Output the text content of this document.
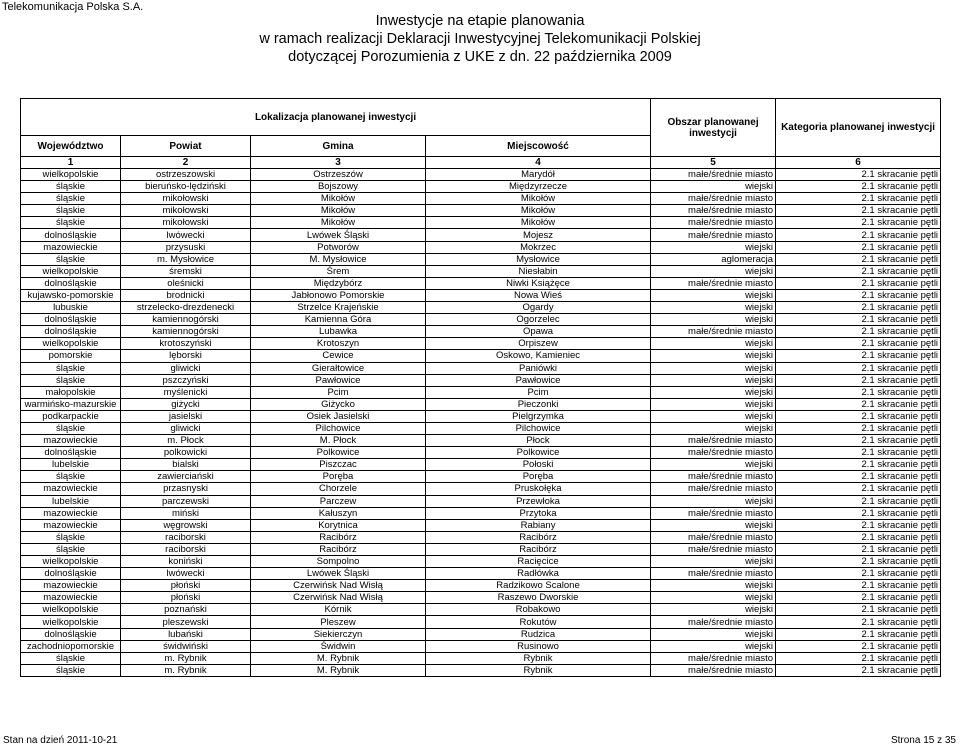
Telekomunikacja Polska S.A.
Inwestycje na etapie planowania
w ramach realizacji Deklaracji Inwestycyjnej Telekomunikacji Polskiej
dotyczącej Porozumienia z UKE z dn. 22 października 2009
Lokalizacja planowanej inwestycji				Obszar planowanej inwestycji	Kategoria planowanej inwestycji
Województwo	Powiat	Gmina	Miejscowość		
1	2	3	4	5	6
wielkopolskie	ostrzeszowski	Ostrzeszów	Marydół	małe/średnie miasto	2.1 skracanie pętli
śląskie	bieruńsko-lędziński	Bojszowy	Międzyrzecze	wiejski	2.1 skracanie pętli
śląskie	mikołowski	Mikołów	Mikołów	małe/średnie miasto	2.1 skracanie pętli
śląskie	mikołowski	Mikołów	Mikołów	małe/średnie miasto	2.1 skracanie pętli
śląskie	mikołowski	Mikołów	Mikołów	małe/średnie miasto	2.1 skracanie pętli
dolnośląskie	lwówecki	Lwówek Śląski	Mojesz	małe/średnie miasto	2.1 skracanie pętli
mazowieckie	przysuski	Potworów	Mokrzec	wiejski	2.1 skracanie pętli
śląskie	m. Mysłowice	M. Mysłowice	Mysłowice	aglomeracja	2.1 skracanie pętli
wielkopolskie	śremski	Śrem	Niesłabin	wiejski	2.1 skracanie pętli
dolnośląskie	oleśnicki	Międzybórz	Niwki Książęce	małe/średnie miasto	2.1 skracanie pętli
kujawsko-pomorskie	brodnicki	Jabłonowo Pomorskie	Nowa Wieś	wiejski	2.1 skracanie pętli
lubuskie	strzelecko-drezdenecki	Strzelce Krajeńskie	Ogardy	wiejski	2.1 skracanie pętli
dolnośląskie	kamiennogórski	Kamienna Góra	Ogorzelec	wiejski	2.1 skracanie pętli
dolnośląskie	kamiennogórski	Lubawka	Opawa	małe/średnie miasto	2.1 skracanie pętli
wielkopolskie	krotoszyński	Krotoszyn	Orpiszew	wiejski	2.1 skracanie pętli
pomorskie	lęborski	Cewice	Oskowo, Kamieniec	wiejski	2.1 skracanie pętli
śląskie	gliwicki	Gierałtowice	Paniówki	wiejski	2.1 skracanie pętli
śląskie	pszczyński	Pawłowice	Pawłowice	wiejski	2.1 skracanie pętli
małopolskie	myślenicki	Pcim	Pcim	wiejski	2.1 skracanie pętli
warmińsko-mazurskie	giżycki	Giżycko	Pieczonki	wiejski	2.1 skracanie pętli
podkarpackie	jasielski	Osiek Jasielski	Pielgrzymka	wiejski	2.1 skracanie pętli
śląskie	gliwicki	Pilchowice	Pilchowice	wiejski	2.1 skracanie pętli
mazowieckie	m. Płock	M. Płock	Płock	małe/średnie miasto	2.1 skracanie pętli
dolnośląskie	polkowicki	Polkowice	Polkowice	małe/średnie miasto	2.1 skracanie pętli
lubelskie	bialski	Piszczac	Połoski	wiejski	2.1 skracanie pętli
śląskie	zawierciański	Poręba	Poręba	małe/średnie miasto	2.1 skracanie pętli
mazowieckie	przasnyski	Chorzele	Pruskołęka	małe/średnie miasto	2.1 skracanie pętli
lubelskie	parczewski	Parczew	Przewłoka	wiejski	2.1 skracanie pętli
mazowieckie	miński	Kałuszyn	Przytoka	małe/średnie miasto	2.1 skracanie pętli
mazowieckie	węgrowski	Korytnica	Rabiany	wiejski	2.1 skracanie pętli
śląskie	raciborski	Racibórz	Racibórz	małe/średnie miasto	2.1 skracanie pętli
śląskie	raciborski	Racibórz	Racibórz	małe/średnie miasto	2.1 skracanie pętli
wielkopolskie	koniński	Sompolno	Racięcice	wiejski	2.1 skracanie pętli
dolnośląskie	lwówecki	Lwówek Śląski	Radłówka	małe/średnie miasto	2.1 skracanie pętli
mazowieckie	płoński	Czerwińsk Nad Wisłą	Radzikowo Scalone	wiejski	2.1 skracanie pętli
mazowieckie	płoński	Czerwińsk Nad Wisłą	Raszewo Dworskie	wiejski	2.1 skracanie pętli
wielkopolskie	poznański	Kórnik	Robakowo	wiejski	2.1 skracanie pętli
wielkopolskie	pleszewski	Pleszew	Rokutów	małe/średnie miasto	2.1 skracanie pętli
dolnośląskie	lubański	Siekierczyn	Rudzica	wiejski	2.1 skracanie pętli
zachodniopomorskie	świdwiński	Świdwin	Rusinowo	wiejski	2.1 skracanie pętli
śląskie	m. Rybnik	M. Rybnik	Rybnik	małe/średnie miasto	2.1 skracanie pętli
śląskie	m. Rybnik	M. Rybnik	Rybnik	małe/średnie miasto	2.1 skracanie pętli
Stan na dzień 2011-10-21	Strona 15 z 35
